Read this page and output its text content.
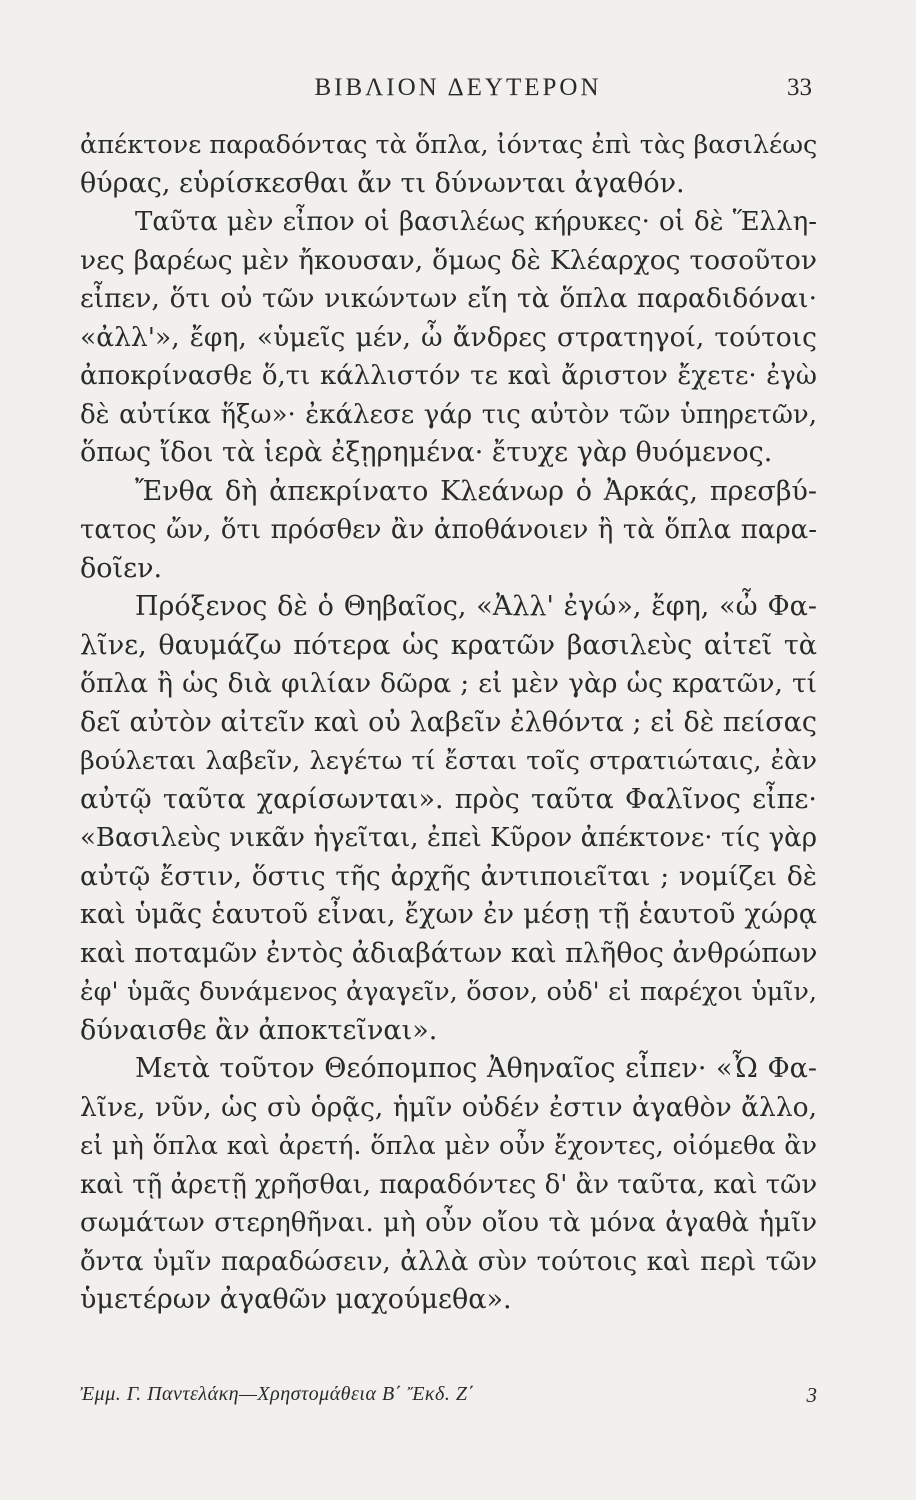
ΒΙΒΛΙΟΝ ΔΕΥΤΕΡΟΝ	33
ἀπέκτονε παραδόντας τὰ ὅπλα, ἰόντας ἐπὶ τὰς βασιλέως
θύρας, εὑρίσκεσθαι ἄν τι δύνωνται ἀγαθόν.
Ταῦτα μὲν εἶπον οἱ βασιλέως κήρυκες· οἱ δὲ Ἕλλη-
νες βαρέως μὲν ἤκουσαν, ὅμως δὲ Κλέαρχος τοσοῦτον
εἶπεν, ὅτι οὐ τῶν νικώντων εἴη τὰ ὅπλα παραδιδόναι·
«ἀλλ'», ἔφη, «ὑμεῖς μέν, ὦ ἄνδρες στρατηγοί, τούτοις
ἀποκρίνασθε ὅ,τι κάλλιστόν τε καὶ ἄριστον ἔχετε· ἐγὼ
δὲ αὐτίκα ἥξω»· ἐκάλεσε γάρ τις αὐτὸν τῶν ὑπηρετῶν,
ὅπως ἴδοι τὰ ἱερὰ ἐξῃρημένα· ἔτυχε γὰρ θυόμενος.
Ἔνθα δὴ ἀπεκρίνατο Κλεάνωρ ὁ Ἀρκάς, πρεσβύ-
τατος ὤν, ὅτι πρόσθεν ἂν ἀποθάνοιεν ἢ τὰ ὅπλα παρα-
δοῖεν.
Πρόξενος δὲ ὁ Θηβαῖος, «Ἀλλ' ἐγώ», ἔφη, «ὦ Φα-
λῖνε, θαυμάζω πότερα ὡς κρατῶν βασιλεὺς αἰτεῖ τὰ
ὅπλα ἢ ὡς διὰ φιλίαν δῶρα ; εἰ μὲν γὰρ ὡς κρατῶν, τί
δεῖ αὐτὸν αἰτεῖν καὶ οὐ λαβεῖν ἐλθόντα ; εἰ δὲ πείσας
βούλεται λαβεῖν, λεγέτω τί ἔσται τοῖς στρατιώταις, ἐὰν
αὐτῷ ταῦτα χαρίσωνται». πρὸς ταῦτα Φαλῖνος εἶπε·
«Βασιλεὺς νικᾶν ἡγεῖται, ἐπεὶ Κῦρον ἀπέκτονε· τίς γὰρ
αὐτῷ ἔστιν, ὅστις τῆς ἀρχῆς ἀντιποιεῖται ; νομίζει δὲ
καὶ ὑμᾶς ἑαυτοῦ εἶναι, ἔχων ἐν μέσῃ τῇ ἑαυτοῦ χώρᾳ
καὶ ποταμῶν ἐντὸς ἀδιαβάτων καὶ πλῆθος ἀνθρώπων
ἐφ' ὑμᾶς δυνάμενος ἀγαγεῖν, ὅσον, οὐδ' εἰ παρέχοι ὑμῖν,
δύναισθε ἂν ἀποκτεῖναι».
Μετὰ τοῦτον Θεόπομπος Ἀθηναῖος εἶπεν· «Ὦ Φα-
λῖνε, νῦν, ὡς σὺ ὁρᾷς, ἡμῖν οὐδέν ἐστιν ἀγαθὸν ἄλλο,
εἰ μὴ ὅπλα καὶ ἀρετή. ὅπλα μὲν οὖν ἔχοντες, οἰόμεθα ἂν
καὶ τῇ ἀρετῇ χρῆσθαι, παραδόντες δ' ἂν ταῦτα, καὶ τῶν
σωμάτων στερηθῆναι. μὴ οὖν οἴου τὰ μόνα ἀγαθὰ ἡμῖν
ὄντα ὑμῖν παραδώσειν, ἀλλὰ σὺν τούτοις καὶ περὶ τῶν
ὑμετέρων ἀγαθῶν μαχούμεθα».
Ἐμμ. Γ. Παντελάκη—Χρηστομάθεια Β΄ Ἔκδ. Ζ΄	3
